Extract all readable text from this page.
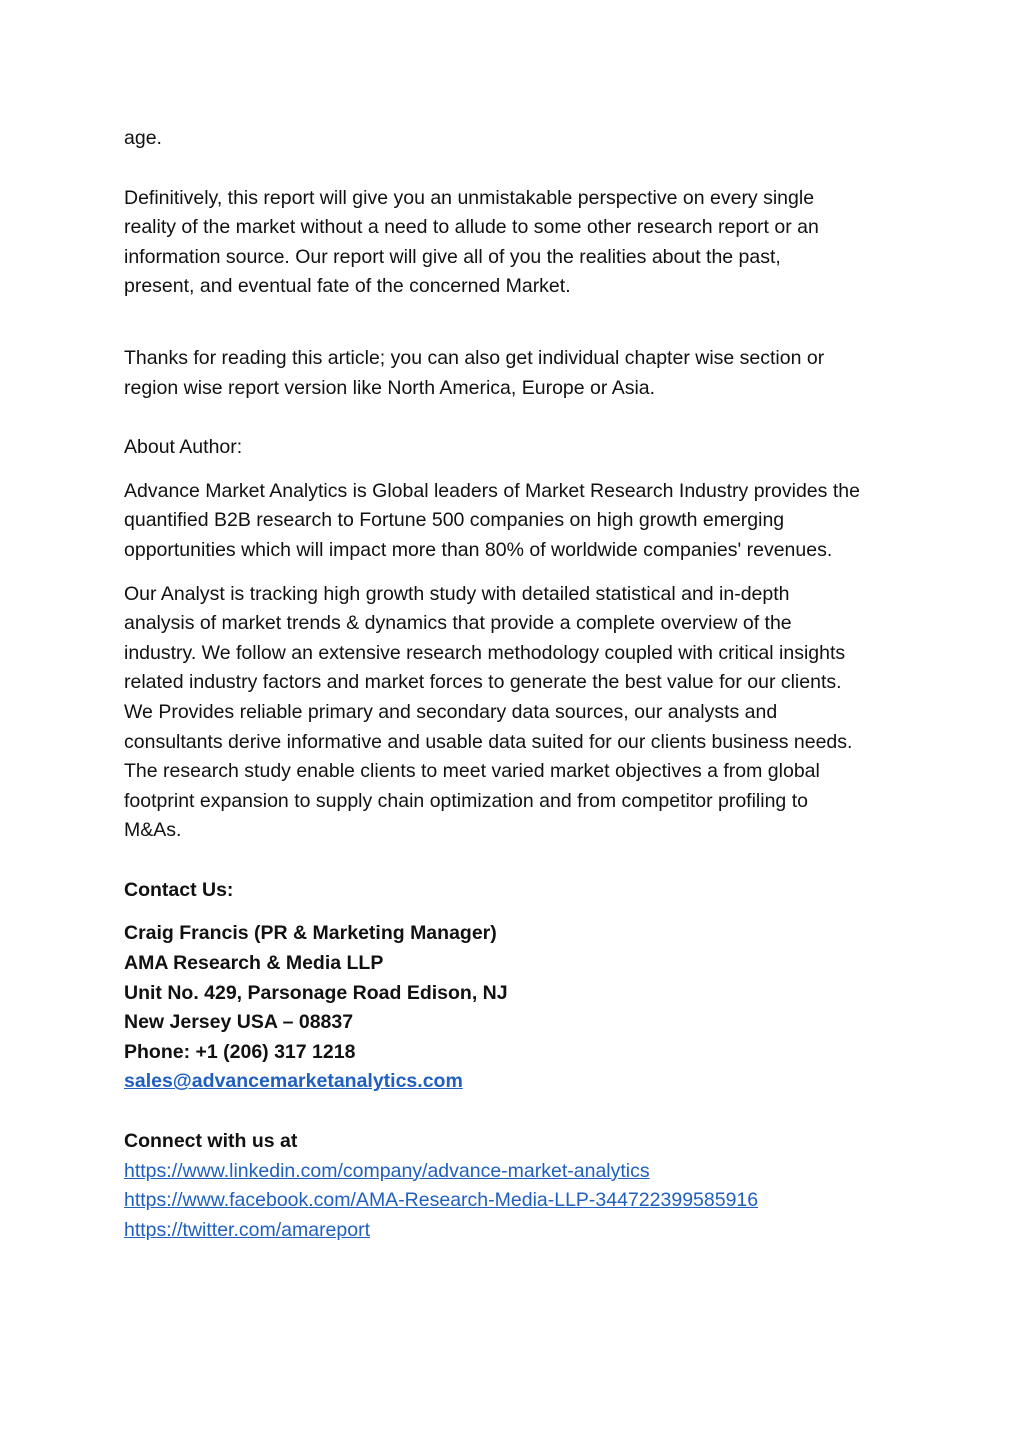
age.

Definitively, this report will give you an unmistakable perspective on every single
reality of the market without a need to allude to some other research report or an
information source. Our report will give all of you the realities about the past,
present, and eventual fate of the concerned Market.

Thanks for reading this article; you can also get individual chapter wise section or
region wise report version like North America, Europe or Asia.

About Author:

Advance Market Analytics is Global leaders of Market Research Industry provides the
quantified B2B research to Fortune 500 companies on high growth emerging
opportunities which will impact more than 80% of worldwide companies' revenues.

Our Analyst is tracking high growth study with detailed statistical and in-depth
analysis of market trends & dynamics that provide a complete overview of the
industry. We follow an extensive research methodology coupled with critical insights
related industry factors and market forces to generate the best value for our clients.
We Provides reliable primary and secondary data sources, our analysts and
consultants derive informative and usable data suited for our clients business needs.
The research study enable clients to meet varied market objectives a from global
footprint expansion to supply chain optimization and from competitor profiling to
M&As.

Contact Us:

Craig Francis (PR & Marketing Manager)
AMA Research & Media LLP
Unit No. 429, Parsonage Road Edison, NJ
New Jersey USA – 08837
Phone: +1 (206) 317 1218
sales@advancemarketanalytics.com

Connect with us at
https://www.linkedin.com/company/advance-market-analytics
https://www.facebook.com/AMA-Research-Media-LLP-344722399585916
https://twitter.com/amareport
